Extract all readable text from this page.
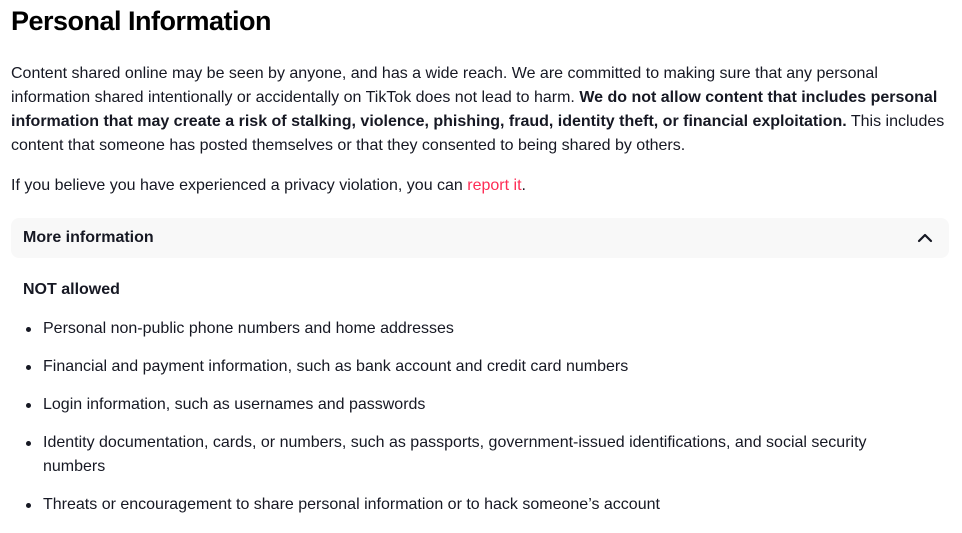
Personal Information

Content shared online may be seen by anyone, and has a wide reach. We are committed to making sure that any personal information shared intentionally or accidentally on TikTok does not lead to harm. We do not allow content that includes personal information that may create a risk of stalking, violence, phishing, fraud, identity theft, or financial exploitation. This includes content that someone has posted themselves or that they consented to being shared by others.

If you believe you have experienced a privacy violation, you can report it.

More information
NOT allowed
Personal non-public phone numbers and home addresses
Financial and payment information, such as bank account and credit card numbers
Login information, such as usernames and passwords
Identity documentation, cards, or numbers, such as passports, government-issued identifications, and social security numbers
Threats or encouragement to share personal information or to hack someone’s account
